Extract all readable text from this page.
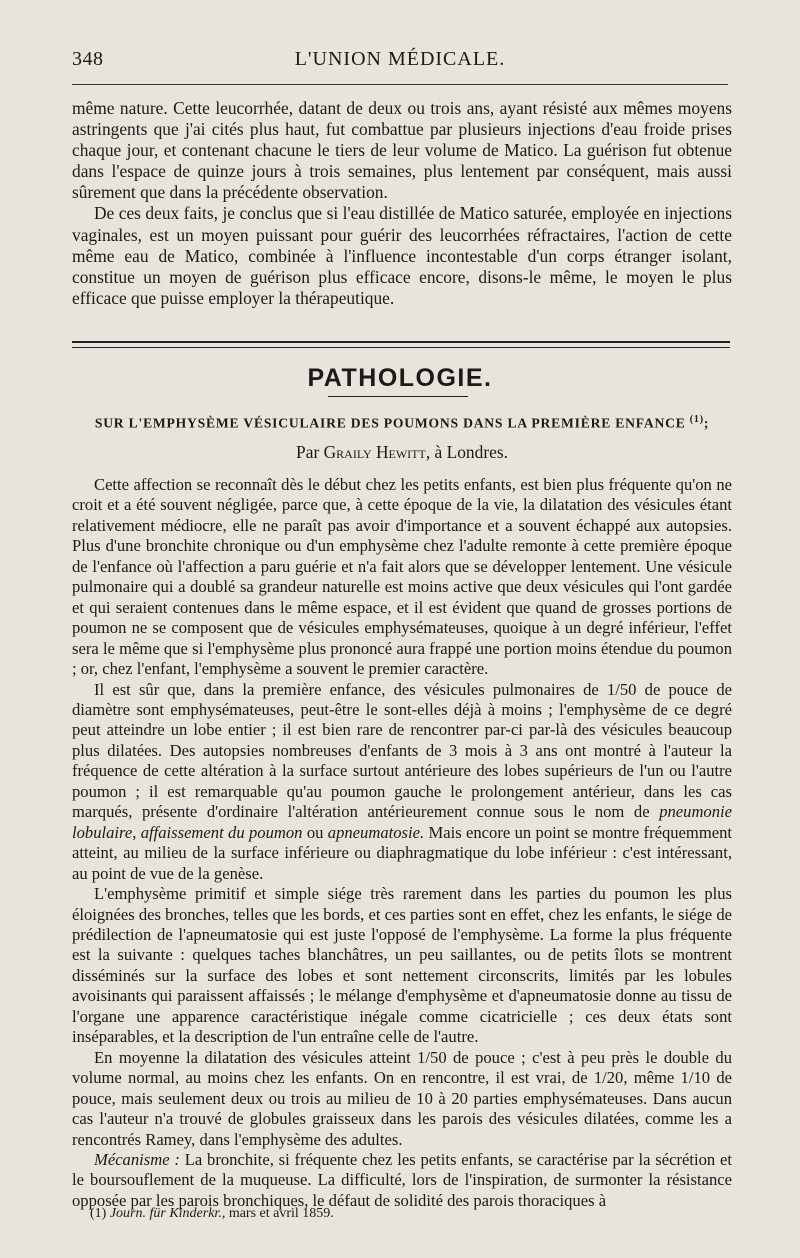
348	L'UNION MÉDICALE.

même nature. Cette leucorrhée, datant de deux ou trois ans, ayant résisté aux mêmes moyens astringents que j'ai cités plus haut, fut combattue par plusieurs injections d'eau froide prises chaque jour, et contenant chacune le tiers de leur volume de Matico. La guérison fut obtenue dans l'espace de quinze jours à trois semaines, plus lentement par conséquent, mais aussi sûrement que dans la précédente observation.

De ces deux faits, je conclus que si l'eau distillée de Matico saturée, employée en injections vaginales, est un moyen puissant pour guérir des leucorrhées réfractaires, l'action de cette même eau de Matico, combinée à l'influence incontestable d'un corps étranger isolant, constitue un moyen de guérison plus efficace encore, disons-le même, le moyen le plus efficace que puisse employer la thérapeutique.

PATHOLOGIE.
SUR L'EMPHYSÈME VÉSICULAIRE DES POUMONS DANS LA PREMIÈRE ENFANCE $^{(1)}$;
Par Graily Hewitt, à Londres.

Cette affection se reconnaît dès le début chez les petits enfants, est bien plus fréquente qu'on ne croit et a été souvent négligée, parce que, à cette époque de la vie, la dilatation des vésicules étant relativement médiocre, elle ne paraît pas avoir d'importance et a souvent échappé aux autopsies. Plus d'une bronchite chronique ou d'un emphysème chez l'adulte remonte à cette première époque de l'enfance où l'affection a paru guérie et n'a fait alors que se développer lentement. Une vésicule pulmonaire qui a doublé sa grandeur naturelle est moins active que deux vésicules qui l'ont gardée et qui seraient contenues dans le même espace, et il est évident que quand de grosses portions de poumon ne se composent que de vésicules emphysémateuses, quoique à un degré inférieur, l'effet sera le même que si l'emphysème plus prononcé aura frappé une portion moins étendue du poumon ; or, chez l'enfant, l'emphysème a souvent le premier caractère.

Il est sûr que, dans la première enfance, des vésicules pulmonaires de 1/50 de pouce de diamètre sont emphysémateuses, peut-être le sont-elles déjà à moins ; l'emphysème de ce degré peut atteindre un lobe entier ; il est bien rare de rencontrer par-ci par-là des vésicules beaucoup plus dilatées. Des autopsies nombreuses d'enfants de 3 mois à 3 ans ont montré à l'auteur la fréquence de cette altération à la surface surtout antérieure des lobes supérieurs de l'un ou l'autre poumon ; il est remarquable qu'au poumon gauche le prolongement antérieur, dans les cas marqués, présente d'ordinaire l'altération antérieurement connue sous le nom de pneumonie lobulaire, affaissement du poumon ou apneumatosie. Mais encore un point se montre fréquemment atteint, au milieu de la surface inférieure ou diaphragmatique du lobe inférieur : c'est intéressant, au point de vue de la genèse.

L'emphysème primitif et simple siége très rarement dans les parties du poumon les plus éloignées des bronches, telles que les bords, et ces parties sont en effet, chez les enfants, le siége de prédilection de l'apneumatosie qui est juste l'opposé de l'emphysème. La forme la plus fréquente est la suivante : quelques taches blanchâtres, un peu saillantes, ou de petits îlots se montrent disséminés sur la surface des lobes et sont nettement circonscrits, limités par les lobules avoisinants qui paraissent affaissés ; le mélange d'emphysème et d'apneumatosie donne au tissu de l'organe une apparence caractéristique inégale comme cicatricielle ; ces deux états sont inséparables, et la description de l'un entraîne celle de l'autre.

En moyenne la dilatation des vésicules atteint 1/50 de pouce ; c'est à peu près le double du volume normal, au moins chez les enfants. On en rencontre, il est vrai, de 1/20, même 1/10 de pouce, mais seulement deux ou trois au milieu de 10 à 20 parties emphysémateuses. Dans aucun cas l'auteur n'a trouvé de globules graisseux dans les parois des vésicules dilatées, comme les a rencontrés Ramey, dans l'emphysème des adultes.

Mécanisme : La bronchite, si fréquente chez les petits enfants, se caractérise par la sécrétion et le boursouflement de la muqueuse. La difficulté, lors de l'inspiration, de surmonter la résistance opposée par les parois bronchiques, le défaut de solidité des parois thoraciques à

(1) Journ. für Kinderkr., mars et avril 1859.
